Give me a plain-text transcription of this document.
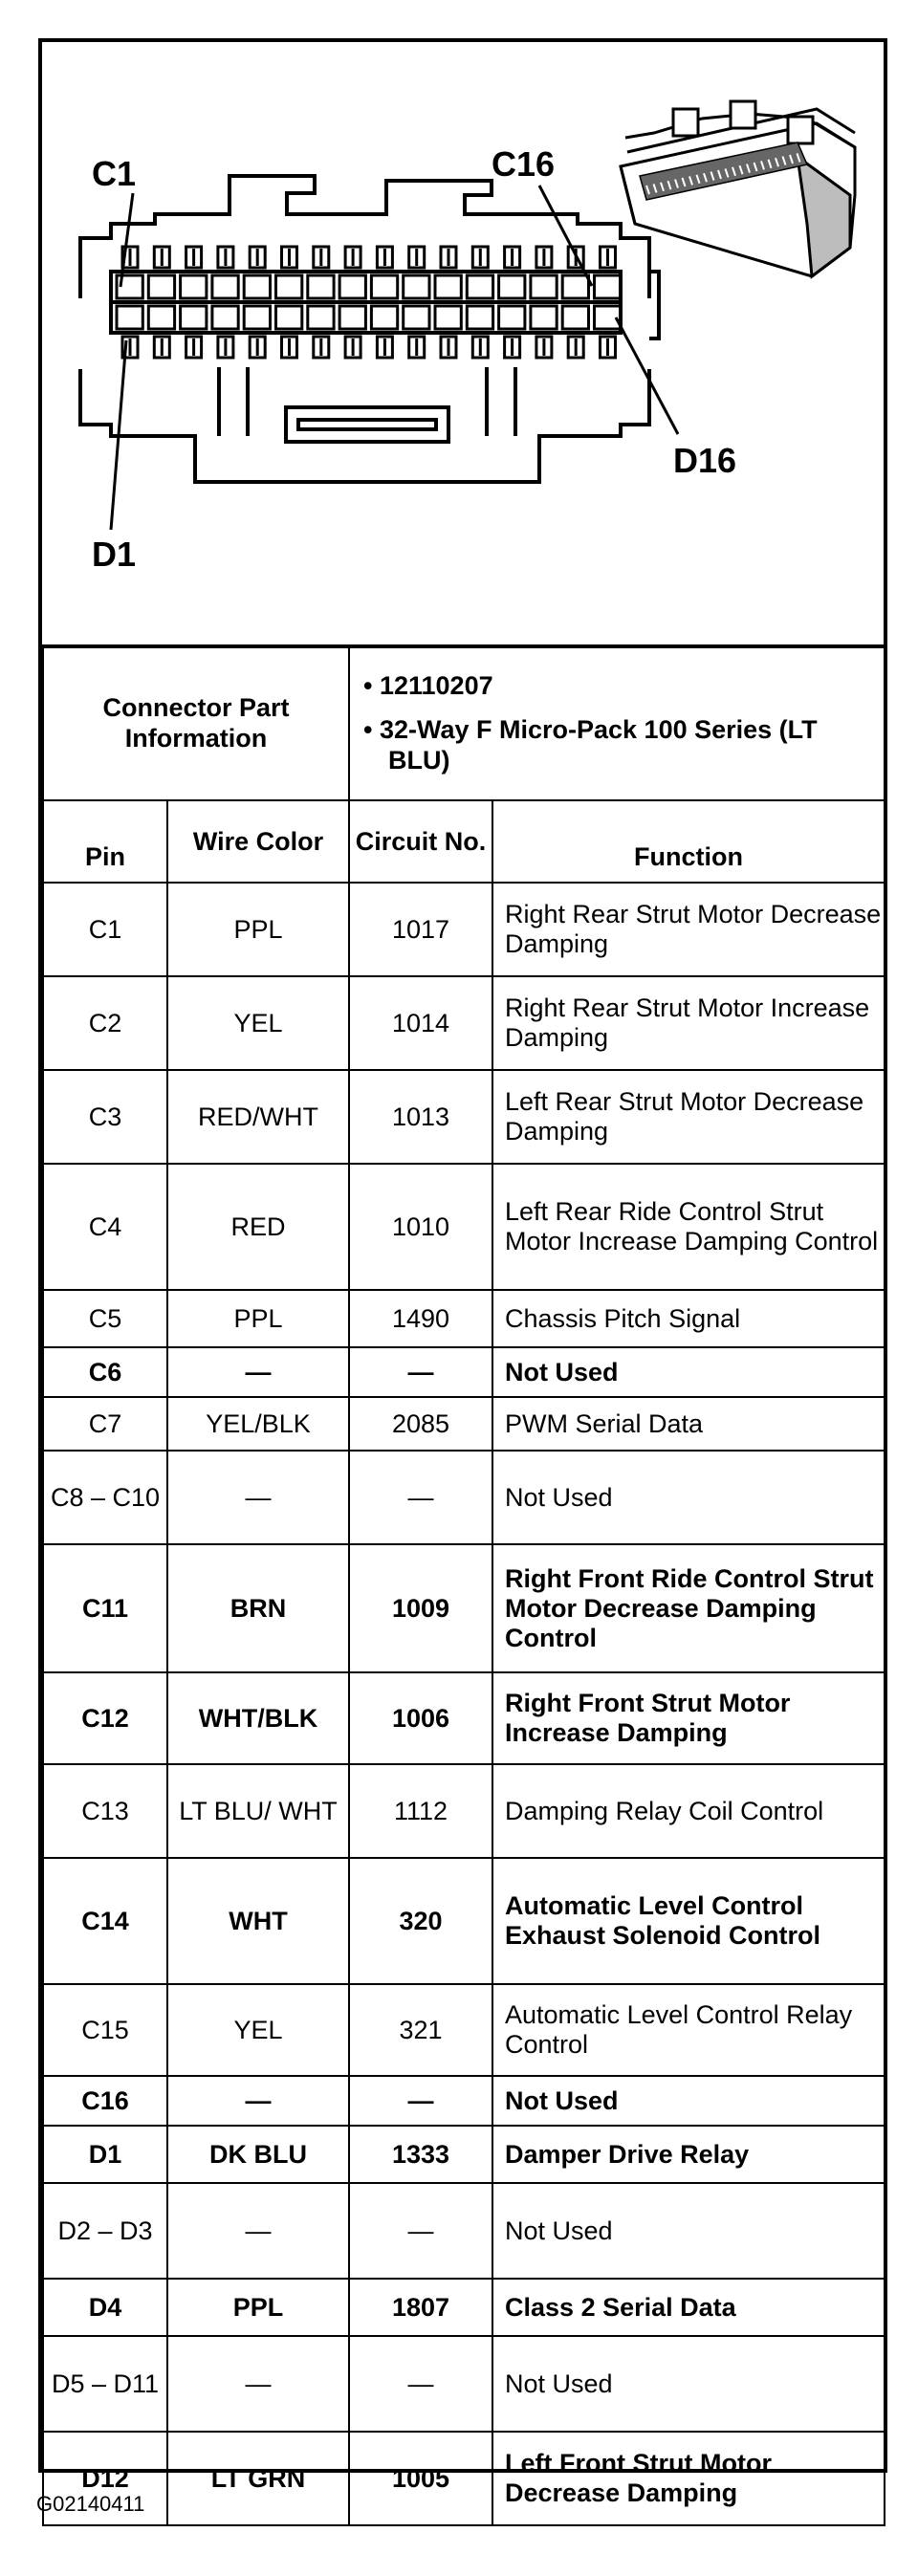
C1	C16
D16
D1
Connector Part Information		• 12110207
• 32-Way F Micro-Pack 100 Series (LT BLU)	

Pin	Wire Color	Circuit No.	Function
C1	PPL	1017	Right Rear Strut Motor Decrease Damping
C2	YEL	1014	Right Rear Strut Motor Increase Damping
C3	RED/WHT	1013	Left Rear Strut Motor Decrease Damping
C4	RED	1010	Left Rear Ride Control Strut Motor Increase Damping Control
C5	PPL	1490	Chassis Pitch Signal
C6	—	—	Not Used
C7	YEL/BLK	2085	PWM Serial Data
C8 – C10	—	—	Not Used
C11	BRN	1009	Right Front Ride Control Strut Motor Decrease Damping Control
C12	WHT/BLK	1006	Right Front Strut Motor Increase Damping
C13	LT BLU/ WHT	1112	Damping Relay Coil Control
C14	WHT	320	Automatic Level Control Exhaust Solenoid Control
C15	YEL	321	Automatic Level Control Relay Control
C16	—	—	Not Used
D1	DK BLU	1333	Damper Drive Relay
D2 – D3	—	—	Not Used
D4	PPL	1807	Class 2 Serial Data
D5 – D11	—	—	Not Used
D12	LT GRN	1005	Left Front Strut Motor Decrease Damping
G02140411
